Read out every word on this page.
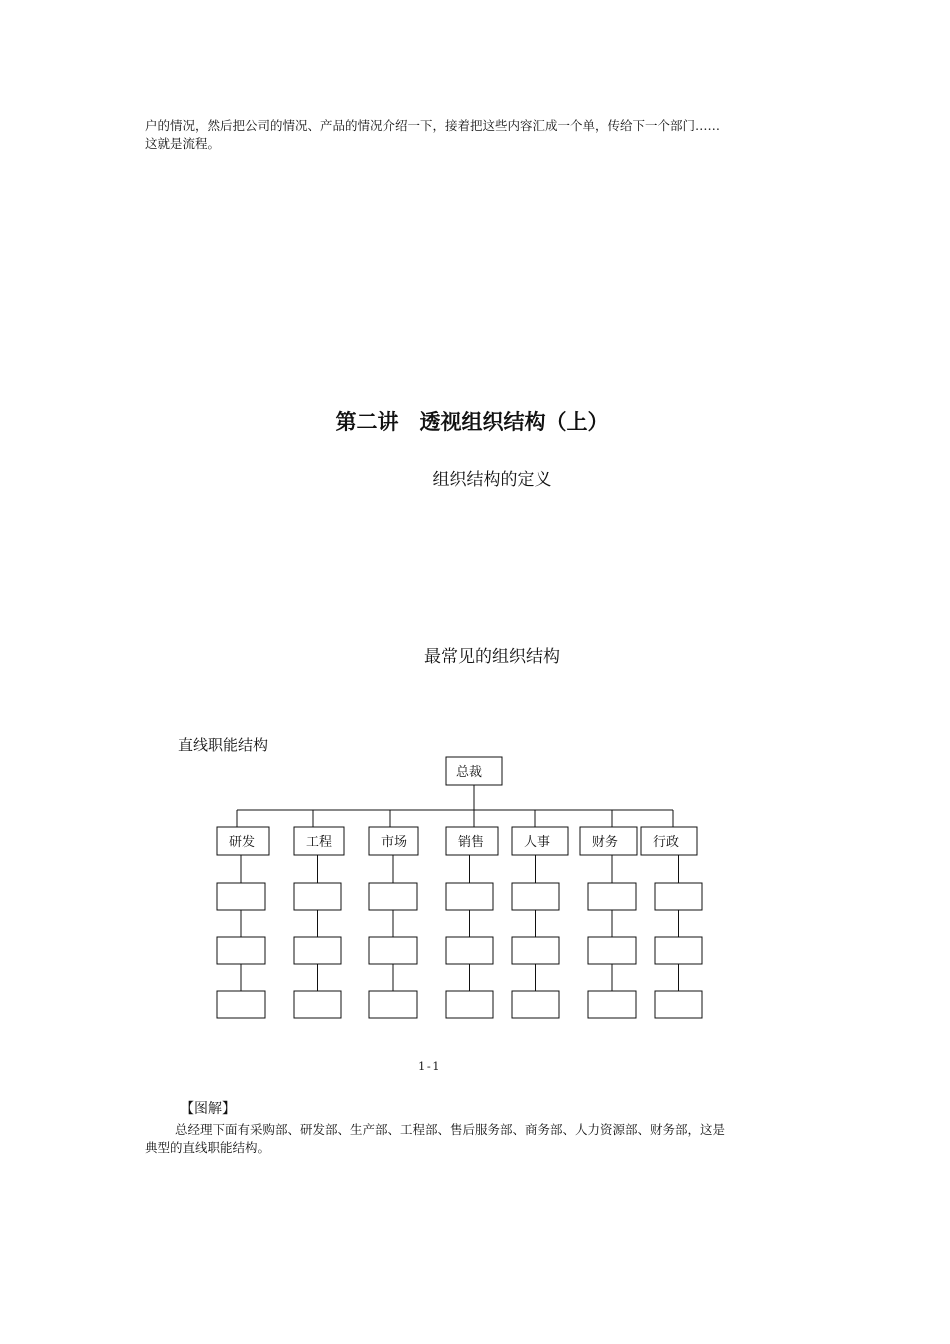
户的情况，然后把公司的情况、产品的情况介绍一下，接着把这些内容汇成一个单，传给下一个部门……
这就是流程。
第二讲　透视组织结构（上）
组织结构的定义
最常见的组织结构
直线职能结构
总裁
研发	工程	市场	销售	人事	财务	行政
1-1
【图解】
总经理下面有采购部、研发部、生产部、工程部、售后服务部、商务部、人力资源部、财务部，这是
典型的直线职能结构。
